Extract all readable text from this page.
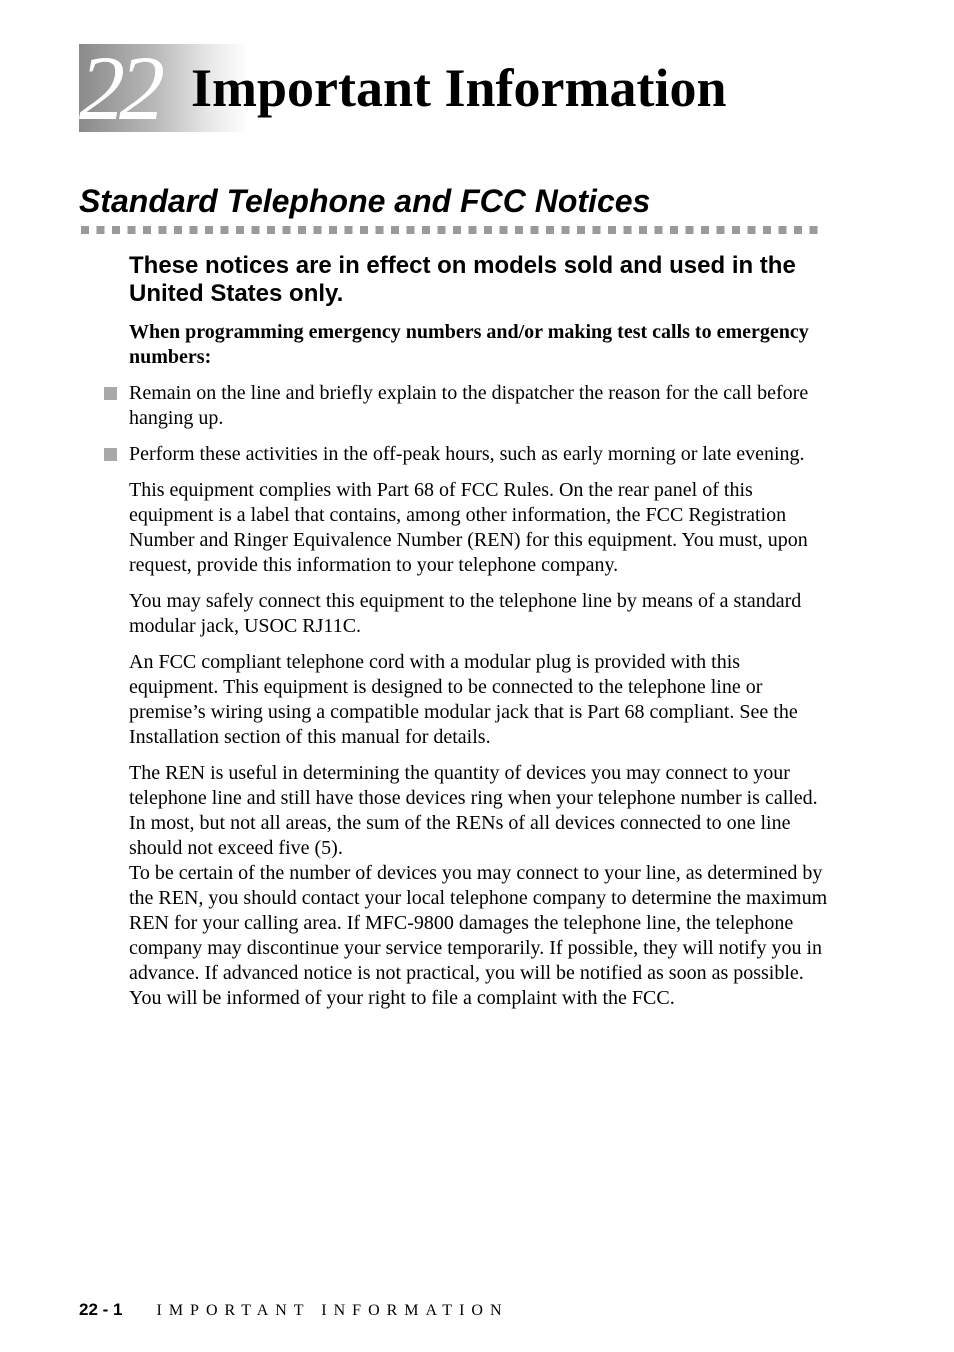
22 Important Information
Standard Telephone and FCC Notices
These notices are in effect on models sold and used in the United States only.

When programming emergency numbers and/or making test calls to emergency numbers:

Remain on the line and briefly explain to the dispatcher the reason for the call before hanging up.
Perform these activities in the off-peak hours, such as early morning or late evening.

This equipment complies with Part 68 of FCC Rules. On the rear panel of this equipment is a label that contains, among other information, the FCC Registration Number and Ringer Equivalence Number (REN) for this equipment. You must, upon request, provide this information to your telephone company.

You may safely connect this equipment to the telephone line by means of a standard modular jack, USOC RJ11C.

An FCC compliant telephone cord with a modular plug is provided with this equipment. This equipment is designed to be connected to the telephone line or premise’s wiring using a compatible modular jack that is Part 68 compliant. See the Installation section of this manual for details.

The REN is useful in determining the quantity of devices you may connect to your telephone line and still have those devices ring when your telephone number is called. In most, but not all areas, the sum of the RENs of all devices connected to one line should not exceed five (5).
To be certain of the number of devices you may connect to your line, as determined by the REN, you should contact your local telephone company to determine the maximum REN for your calling area. If MFC-9800 damages the telephone line, the telephone company may discontinue your service temporarily. If possible, they will notify you in advance. If advanced notice is not practical, you will be notified as soon as possible. You will be informed of your right to file a complaint with the FCC.

22 - 1 IMPORTANT INFORMATION
